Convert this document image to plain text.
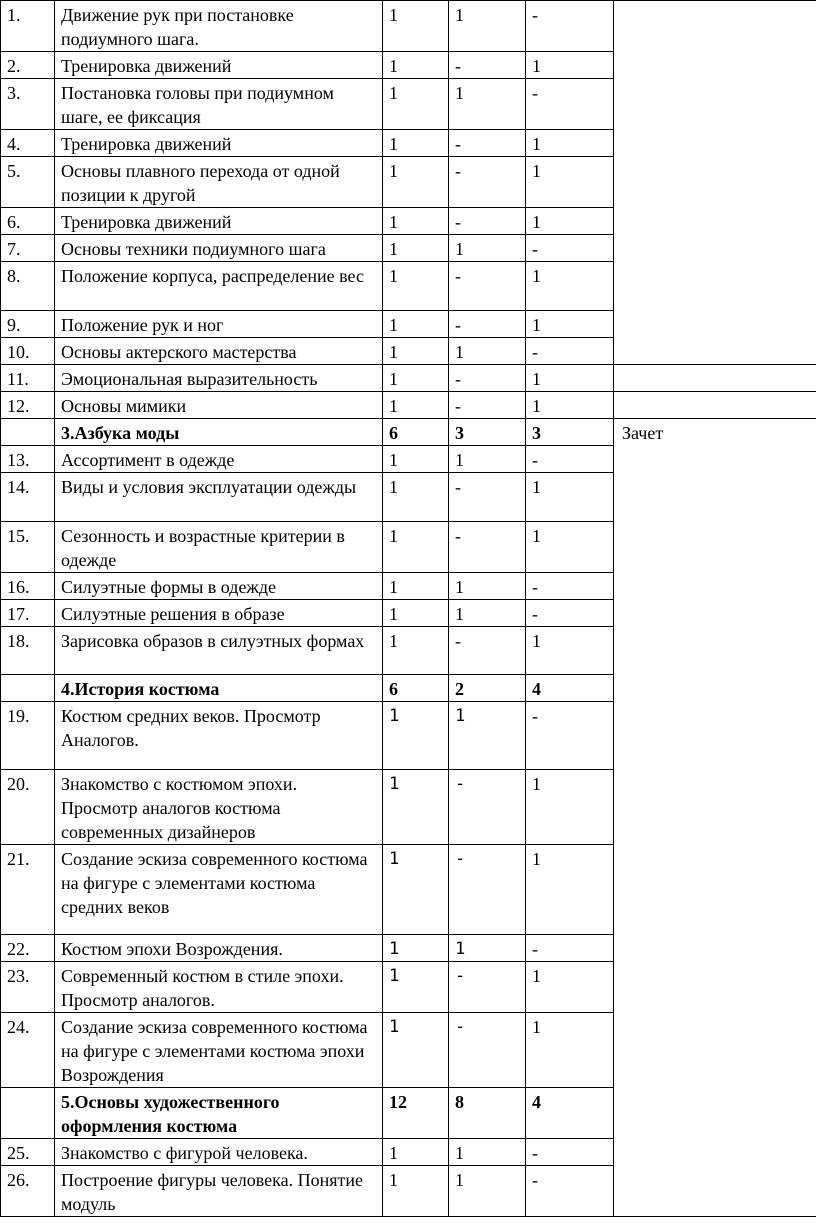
1.	Движение рук при постановке подиумного шага.	1	1	-	
2.	Тренировка движений	1	-	1	
3.	Постановка головы при подиумном шаге, ее фиксация	1	1	-	
4.	Тренировка движений	1	-	1	
5.	Основы плавного перехода от одной позиции к другой	1	-	1	
6.	Тренировка движений	1	-	1	
7.	Основы техники подиумного шага	1	1	-	
8.	Положение корпуса, распределение вес	1	-	1	
9.	Положение рук и ног	1	-	1	
10.	Основы актерского мастерства	1	1	-	
11.	Эмоциональная выразительность	1	-	1	
12.	Основы мимики	1	-	1	
	3.Азбука моды	6	3	3	Зачет
13.	Ассортимент в одежде	1	1	-	
14.	Виды и условия эксплуатации одежды	1	-	1	
15.	Сезонность и возрастные критерии в одежде	1	-	1	
16.	Силуэтные формы в одежде	1	1	-	
17.	Силуэтные решения в образе	1	1	-	
18.	Зарисовка образов в силуэтных формах	1	-	1	
	4.История костюма	6	2	4	
19.	Костюм средних веков. Просмотр Аналогов.	1	1	-	
20.	Знакомство с костюмом эпохи. Просмотр аналогов костюма современных дизайнеров	1	-	1	
21.	Создание эскиза современного костюма на фигуре с элементами костюма средних веков	1	-	1	
22.	Костюм эпохи Возрождения.	1	1	-	
23.	Современный костюм в стиле эпохи. Просмотр аналогов.	1	-	1	
24.	Создание эскиза современного костюма на фигуре с элементами костюма эпохи Возрождения	1	-	1	
	5.Основы художественного оформления костюма	12	8	4	
25.	Знакомство с фигурой человека.	1	1	-	
26.	Построение фигуры человека. Понятие модуль	1	1	-	
